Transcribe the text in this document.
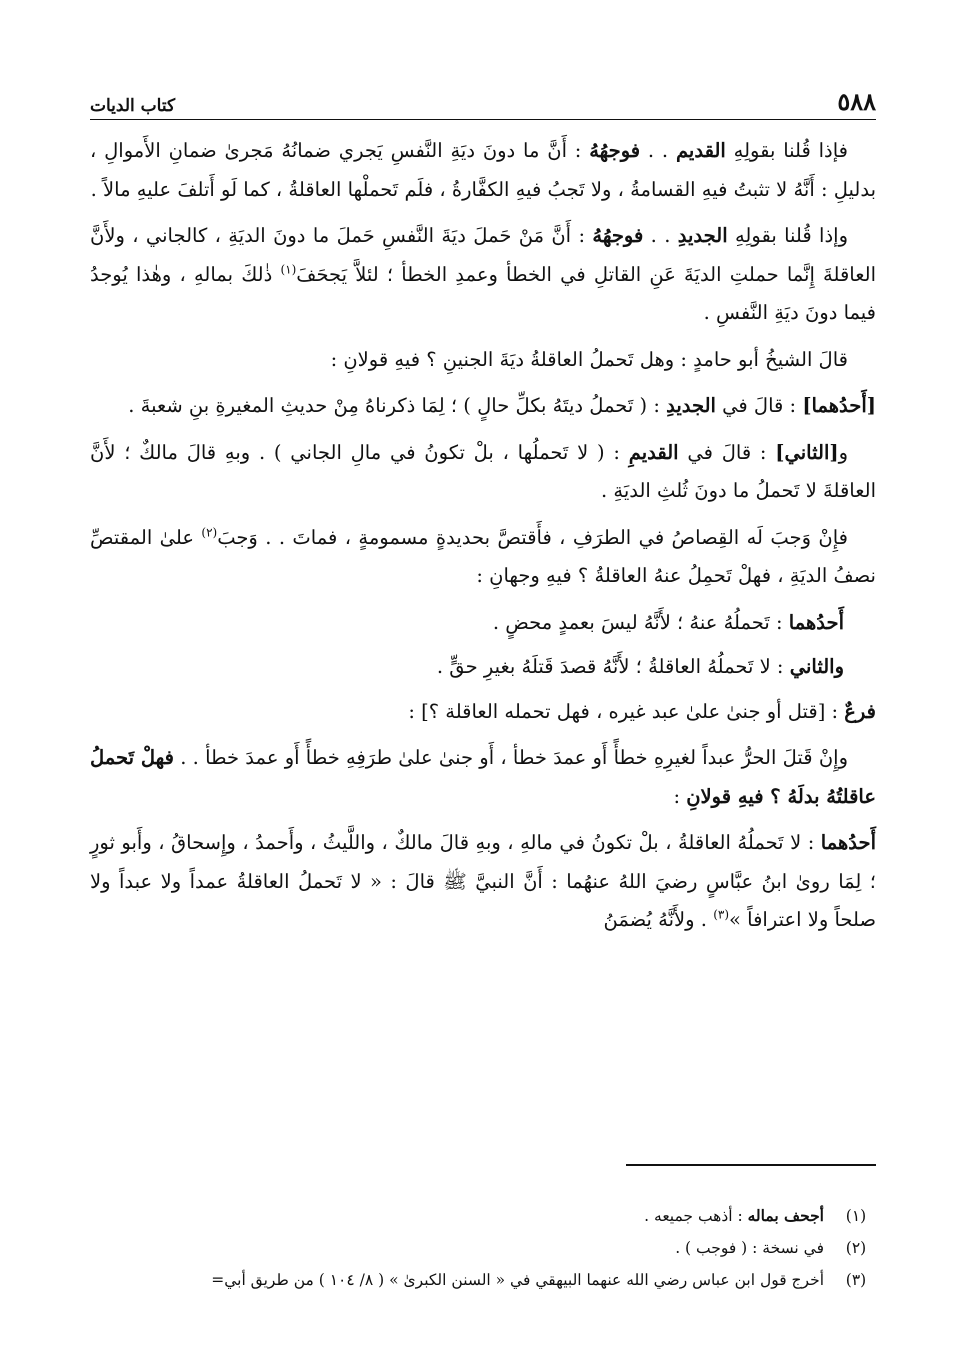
٥٨٨
كتاب الديات

فإذا قُلنا بقولِهِ القديم . . فوجهُهُ : أَنَّ ما دونَ ديَةِ النَّفسِ يَجري ضمانُهُ مَجرىٰ ضمانِ الأَموالِ ، بدليلِ : أَنَّهُ لا تثبتُ فيهِ القسامةُ ، ولا تَجبُ فيهِ الكفَّارةُ ، فلَم تَحملْها العاقلةُ ، كما لَو أَتلفَ عليهِ مالاً .

وإذا قُلنا بقولِهِ الجديدِ . . فوجهُهُ : أَنَّ مَنْ حَملَ ديَةَ النَّفسِ حَملَ ما دونَ الديَةِ ، كالجاني ، ولأَنَّ العاقلةَ إِنَّما حملتِ الديَةَ عَنِ القاتلِ في الخطأ وعمدِ الخطأ ؛ لئلاَّ يَجحَفَ$^{(١)}$ ذٰلكَ بمالهِ ، وهٰذا يُوجدُ فيما دونَ ديَةِ النَّفسِ .

قالَ الشيخُ أبو حامدٍ : وهل تَحملُ العاقلةُ ديَةَ الجنينِ ؟ فيهِ قولانِ :

[أَحدُهما] : قالَ في الجديدِ : ( تَحملُ ديتَهُ بكلِّ حالٍ ) ؛ لِمَا ذكرناهُ مِنْ حديثِ المغيرةِ بنِ شعبةَ .

و[الثاني] : قالَ في القديمِ : ( لا تَحملُها ، بلْ تكونُ في مالِ الجاني ) . وبهِ قالَ مالكٌ ؛ لأَنَّ العاقلةَ لا تَحملُ ما دونَ ثُلثِ الديَةِ .

فإِنْ وَجبَ لَه القِصاصُ في الطرَفِ ، فأَقتصَّ بحديدةٍ مسمومةٍ ، فماتَ . . وَجبَ$^{(٢)}$ علىٰ المقتصِّ نصفُ الديَةِ ، فهلْ تَحمِلُ عنهُ العاقلةُ ؟ فيهِ وجهانِ :

أَحدُهما : تَحملُهُ عنهُ ؛ لأَنَّهُ ليسَ بعمدٍ محضٍ .

والثاني : لا تَحملُهُ العاقلةُ ؛ لأَنَّهُ قصدَ قَتلَهُ بغيرِ حقٍّ .

فرعٌ : [قتل أو جنىٰ علىٰ عبد غيره ، فهل تحمله العاقلة ؟] :

وإِنْ قَتلَ الحرُّ عبداً لغيرِهِ خطأً أَو عمدَ خطأ ، أَو جنىٰ علىٰ طرَفِهِ خطأً أَو عمدَ خطأ . . فهلْ تَحملُ عاقلتُهُ بدلَهُ ؟ فيهِ قولانِ :

أَحدُهما : لا تَحملُهُ العاقلةُ ، بلْ تكونُ في مالهِ ، وبهِ قالَ مالكٌ ، واللَّيثُ ، وأَحمدُ ، وإِسحاقُ ، وأَبو ثورٍ ؛ لِمَا روىٰ ابنُ عبَّاسٍ رضيَ اللهُ عنهُما : أَنَّ النبيَّ ﷺ قالَ : « لا تَحملُ العاقلةُ عمداً ولا عبداً ولا صلحاً ولا اعترافاً »$^{(٣)}$ . ولأَنَّهُ يُضمَنُ

(١)
أجحف بماله : أذهب جميعه .
(٢)
في نسخة : ( فوجب ) .
(٣)
أخرج قول ابن عباس رضي الله عنهما البيهقي في « السنن الكبرىٰ » ( ٨/ ١٠٤ ) من طريق أبي=
